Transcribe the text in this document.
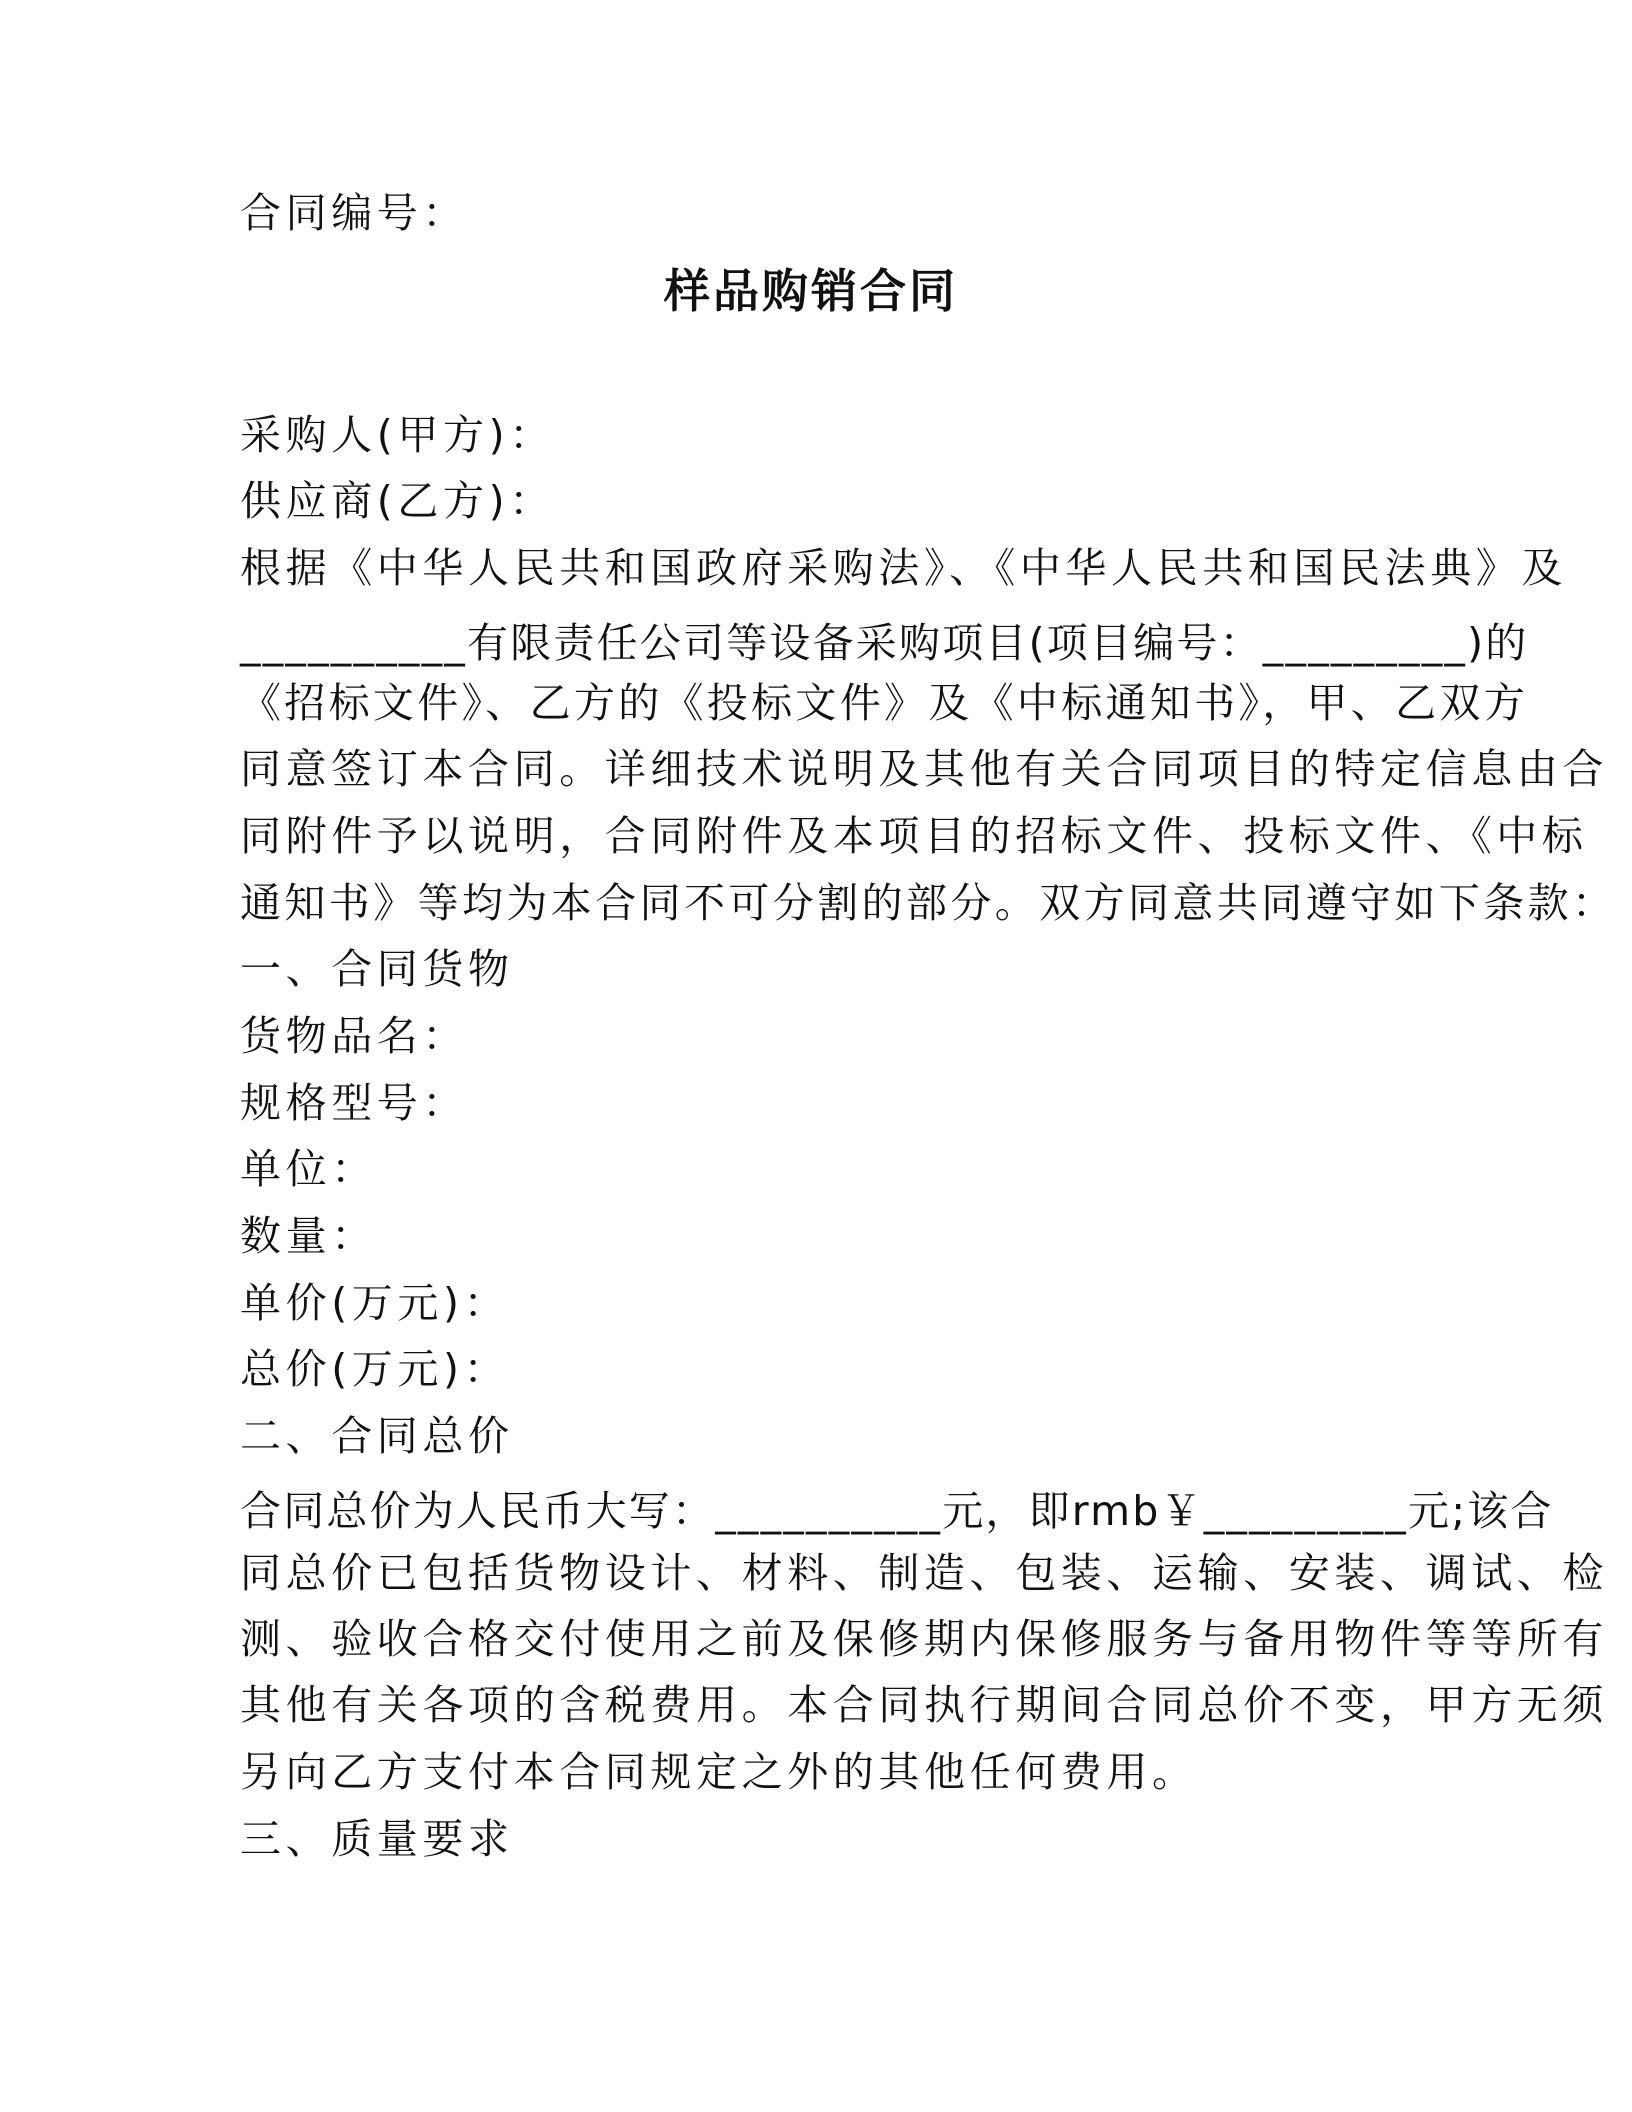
合同编号：
样品购销合同
采购人(甲方)：
供应商(乙方)：
根据《中华人民共和国政府采购法》、《中华人民共和国民法典》及
__________有限责任公司等设备采购项目(项目编号：_________)的
《招标文件》、乙方的《投标文件》及《中标通知书》，甲、乙双方
同意签订本合同。详细技术说明及其他有关合同项目的特定信息由合
同附件予以说明，合同附件及本项目的招标文件、投标文件、《中标
通知书》等均为本合同不可分割的部分。双方同意共同遵守如下条款：
一、合同货物
货物品名：
规格型号：
单位：
数量：
单价(万元)：
总价(万元)：
二、合同总价
合同总价为人民币大写：__________元，即rmb￥_________元;该合
同总价已包括货物设计、材料、制造、包装、运输、安装、调试、检
测、验收合格交付使用之前及保修期内保修服务与备用物件等等所有
其他有关各项的含税费用。本合同执行期间合同总价不变，甲方无须
另向乙方支付本合同规定之外的其他任何费用。
三、质量要求
